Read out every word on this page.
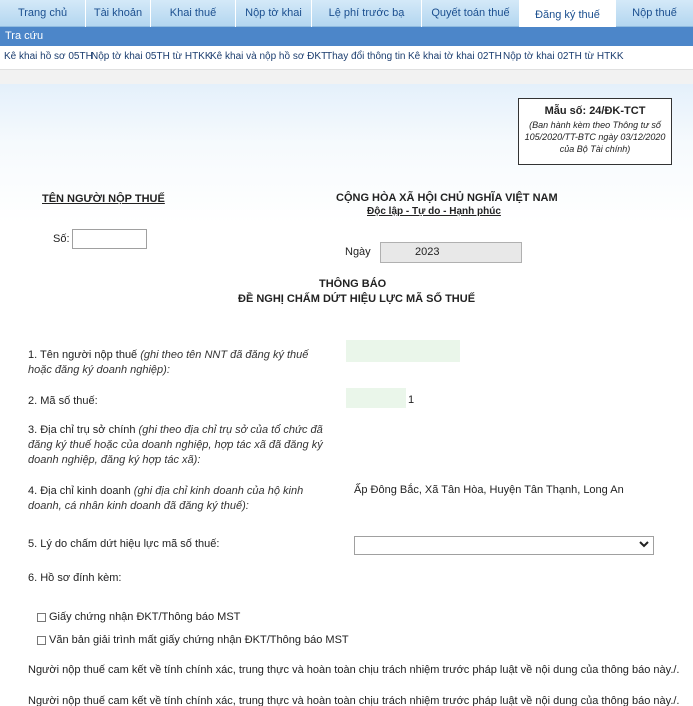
Trang chủ	Tài khoản	Khai thuế	Nộp tờ khai	Lệ phí trước bạ	Quyết toán thuế	Đăng ký thuế	Nộp thuế
Tra cứu
Kê khai hồ sơ 05TH
Nộp tờ khai 05TH từ HTKK
Kê khai và nộp hồ sơ ĐKT
Thay đổi thông tin Kê khai tờ khai 02TH Nộp tờ khai 02TH từ HTKK
Mẫu số: 24/ĐK-TCT
(Ban hành kèm theo Thông tư số 105/2020/TT-BTC ngày 03/12/2020 của Bộ Tài chính)
TÊN NGƯỜI NỘP THUẾ
Số:
CỘNG HÒA XÃ HỘI CHỦ NGHĨA VIỆT NAM
Độc lập - Tự do - Hạnh phúc
Ngày	2023
THÔNG BÁO
ĐỀ NGHỊ CHẤM DỨT HIỆU LỰC MÃ SỐ THUẾ
1. Tên người nộp thuế (ghi theo tên NNT đã đăng ký thuế hoặc đăng ký doanh nghiệp):
2. Mã số thuế:	1
3. Địa chỉ trụ sở chính (ghi theo địa chỉ trụ sở của tổ chức đã đăng ký thuế hoặc của doanh nghiệp, hợp tác xã đã đăng ký doanh nghiệp, đăng ký hợp tác xã):
4. Địa chỉ kinh doanh (ghi địa chỉ kinh doanh của hộ kinh doanh, cá nhân kinh doanh đã đăng ký thuế):
Ấp Đông Bắc, Xã Tân Hòa, Huyện Tân Thạnh, Long An
5. Lý do chấm dứt hiệu lực mã số thuế:
6. Hồ sơ đính kèm:
Giấy chứng nhận ĐKT/Thông báo MST
Văn bản giải trình mất giấy chứng nhận ĐKT/Thông báo MST
Người nộp thuế cam kết về tính chính xác, trung thực và hoàn toàn chịu trách nhiệm trước pháp luật về nội dung của thông báo này./.
Người nộp thuế cam kết về tính chính xác, trung thực và hoàn toàn chịu trách nhiệm trước pháp luật về nội dung của thông báo này./.
